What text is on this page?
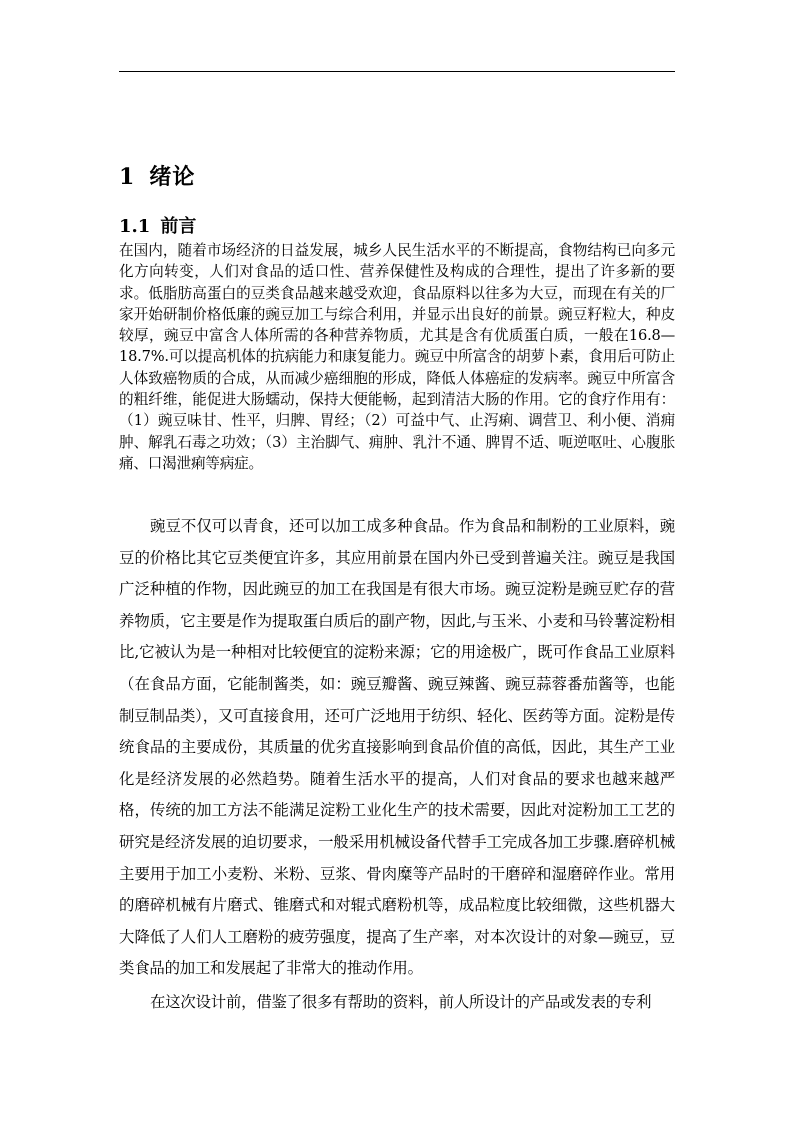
1 绪论
1.1 前言

在国内，随着市场经济的日益发展，城乡人民生活水平的不断提高，食物结构已向多元化方向转变，人们对食品的适口性、营养保健性及构成的合理性，提出了许多新的要求。低脂肪高蛋白的豆类食品越来越受欢迎，食品原料以往多为大豆，而现在有关的厂家开始研制价格低廉的豌豆加工与综合利用，并显示出良好的前景。豌豆籽粒大，种皮较厚，豌豆中富含人体所需的各种营养物质，尤其是含有优质蛋白质，一般在16.8—18.7%.可以提高机体的抗病能力和康复能力。豌豆中所富含的胡萝卜素，食用后可防止人体致癌物质的合成，从而减少癌细胞的形成，降低人体癌症的发病率。豌豆中所富含的粗纤维，能促进大肠蠕动，保持大便能畅，起到清洁大肠的作用。它的食疗作用有：（1）豌豆味甘、性平，归脾、胃经；（2）可益中气、止泻痢、调营卫、利小便、消痈肿、解乳石毒之功效；（3）主治脚气、痈肿、乳汁不通、脾胃不适、呃逆呕吐、心腹胀痛、口渴泄痢等病症。

豌豆不仅可以青食，还可以加工成多种食品。作为食品和制粉的工业原料，豌豆的价格比其它豆类便宜许多，其应用前景在国内外已受到普遍关注。豌豆是我国广泛种植的作物，因此豌豆的加工在我国是有很大市场。豌豆淀粉是豌豆贮存的营养物质，它主要是作为提取蛋白质后的副产物，因此,与玉米、小麦和马铃薯淀粉相比,它被认为是一种相对比较便宜的淀粉来源；它的用途极广，既可作食品工业原料（在食品方面，它能制酱类，如：豌豆瓣酱、豌豆辣酱、豌豆蒜蓉番茄酱等，也能制豆制品类），又可直接食用，还可广泛地用于纺织、轻化、医药等方面。淀粉是传统食品的主要成份，其质量的优劣直接影响到食品价值的高低，因此，其生产工业化是经济发展的必然趋势。随着生活水平的提高，人们对食品的要求也越来越严格，传统的加工方法不能满足淀粉工业化生产的技术需要，因此对淀粉加工工艺的研究是经济发展的迫切要求，一般采用机械设备代替手工完成各加工步骤.磨碎机械主要用于加工小麦粉、米粉、豆浆、骨肉糜等产品时的干磨碎和湿磨碎作业。常用的磨碎机械有片磨式、锥磨式和对辊式磨粉机等，成品粒度比较细微，这些机器大大降低了人们人工磨粉的疲劳强度，提高了生产率，对本次设计的对象—豌豆，豆类食品的加工和发展起了非常大的推动作用。

在这次设计前，借鉴了很多有帮助的资料，前人所设计的产品或发表的专利
